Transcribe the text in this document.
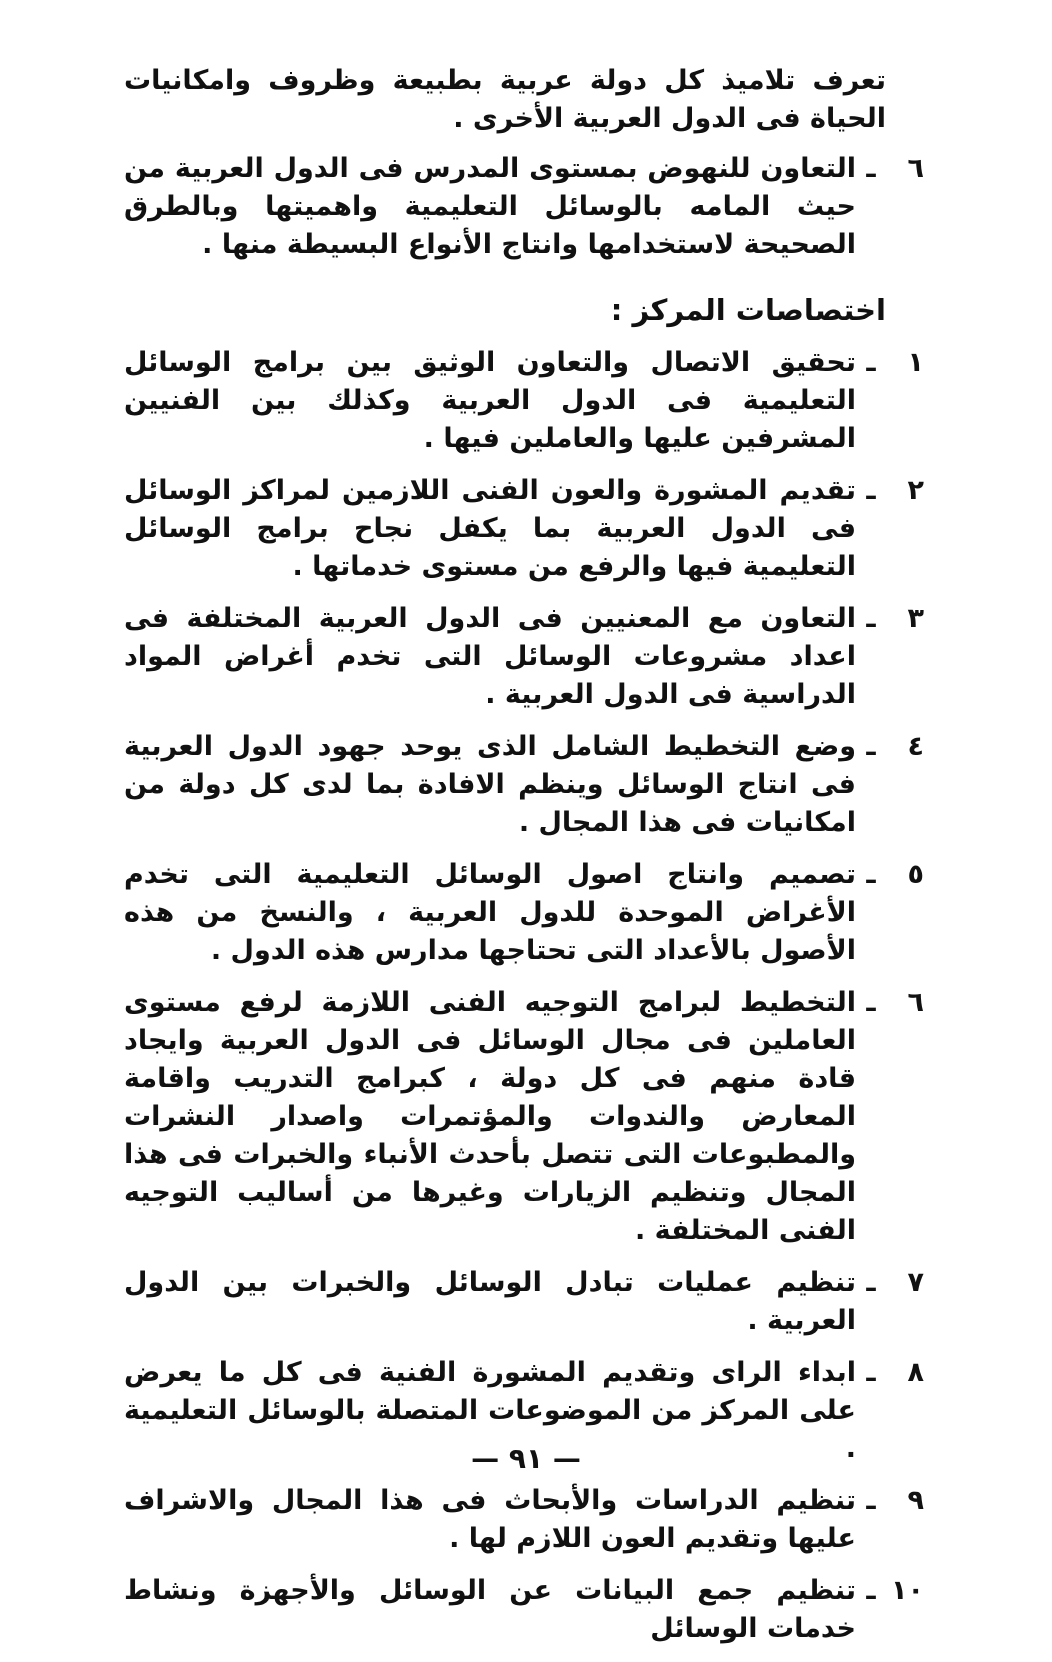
تعرف تلاميذ كل دولة عربية بطبيعة وظروف وامكانيات الحياة فى الدول العربية الأخرى .
٦
ـ
التعاون للنهوض بمستوى المدرس فى الدول العربية من حيث المامه بالوسائل التعليمية واهميتها وبالطرق الصحيحة لاستخدامها وانتاج الأنواع البسيطة منها .
اختصاصات المركز :
١
ـ
تحقيق الاتصال والتعاون الوثيق بين برامج الوسائل التعليمية فى الدول العربية وكذلك بين الفنيين المشرفين عليها والعاملين فيها .
٢
ـ
تقديم المشورة والعون الفنى اللازمين لمراكز الوسائل فى الدول العربية بما يكفل نجاح برامج الوسائل التعليمية فيها والرفع من مستوى خدماتها .
٣
ـ
التعاون مع المعنيين فى الدول العربية المختلفة فى اعداد مشروعات الوسائل التى تخدم أغراض المواد الدراسية فى الدول العربية .
٤
ـ
وضع التخطيط الشامل الذى يوحد جهود الدول العربية فى انتاج الوسائل وينظم الافادة بما لدى كل دولة من امكانيات فى هذا المجال .
٥
ـ
تصميم وانتاج اصول الوسائل التعليمية التى تخدم الأغراض الموحدة للدول العربية ، والنسخ من هذه الأصول بالأعداد التى تحتاجها مدارس هذه الدول .
٦
ـ
التخطيط لبرامج التوجيه الفنى اللازمة لرفع مستوى العاملين فى مجال الوسائل فى الدول العربية وايجاد قادة منهم فى كل دولة ، كبرامج التدريب واقامة المعارض والندوات والمؤتمرات واصدار النشرات والمطبوعات التى تتصل بأحدث الأنباء والخبرات فى هذا المجال وتنظيم الزيارات وغيرها من أساليب التوجيه الفنى المختلفة .
٧
ـ
تنظيم عمليات تبادل الوسائل والخبرات بين الدول العربية .
٨
ـ
ابداء الراى وتقديم المشورة الفنية فى كل ما يعرض على المركز من الموضوعات المتصلة بالوسائل التعليمية .
٩
ـ
تنظيم الدراسات والأبحاث فى هذا المجال والاشراف عليها وتقديم العون اللازم لها .
١٠
ـ
تنظيم جمع البيانات عن الوسائل والأجهزة ونشاط خدمات الوسائل
— ٩١ —
